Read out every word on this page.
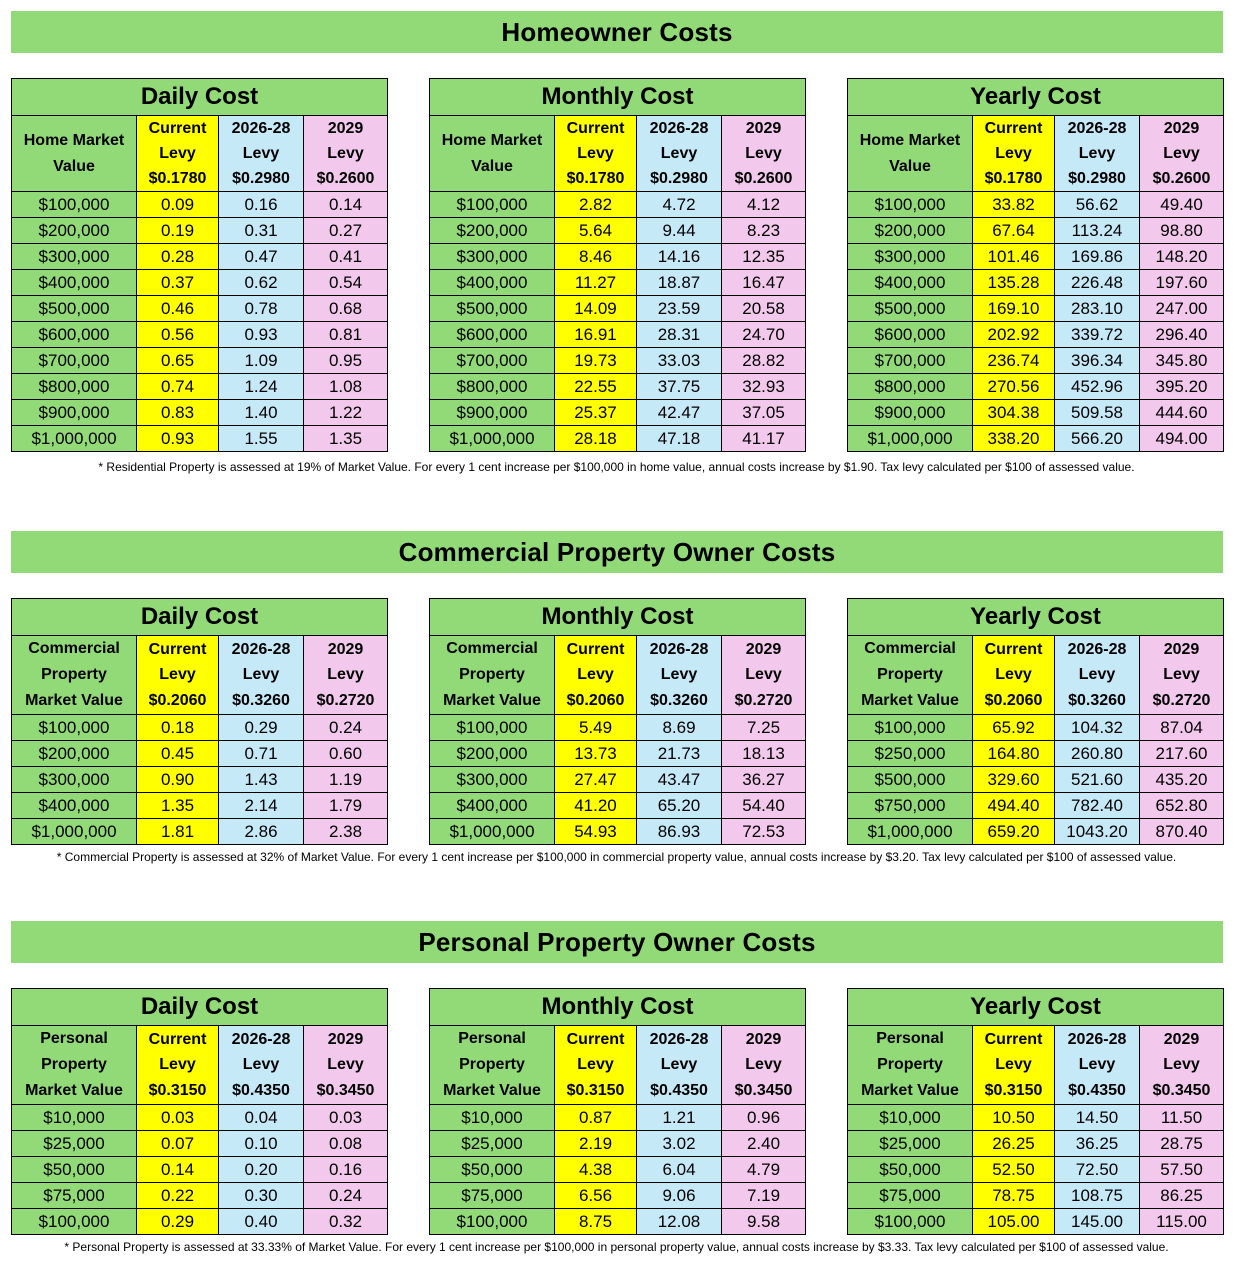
Homeowner Costs
Daily Cost			
Home Market
Value	Current	2026-28	2029
	Levy	Levy	Levy
	$0.1780	$0.2980	$0.2600
$100,000	0.09	0.16	0.14
$200,000	0.19	0.31	0.27
$300,000	0.28	0.47	0.41
$400,000	0.37	0.62	0.54
$500,000	0.46	0.78	0.68
$600,000	0.56	0.93	0.81
$700,000	0.65	1.09	0.95
$800,000	0.74	1.24	1.08
$900,000	0.83	1.40	1.22
$1,000,000	0.93	1.55	1.35
Monthly Cost			
Home Market
Value	Current	2026-28	2029
	Levy	Levy	Levy
	$0.1780	$0.2980	$0.2600
$100,000	2.82	4.72	4.12
$200,000	5.64	9.44	8.23
$300,000	8.46	14.16	12.35
$400,000	11.27	18.87	16.47
$500,000	14.09	23.59	20.58
$600,000	16.91	28.31	24.70
$700,000	19.73	33.03	28.82
$800,000	22.55	37.75	32.93
$900,000	25.37	42.47	37.05
$1,000,000	28.18	47.18	41.17
Yearly Cost			
Home Market
Value	Current	2026-28	2029
	Levy	Levy	Levy
	$0.1780	$0.2980	$0.2600
$100,000	33.82	56.62	49.40
$200,000	67.64	113.24	98.80
$300,000	101.46	169.86	148.20
$400,000	135.28	226.48	197.60
$500,000	169.10	283.10	247.00
$600,000	202.92	339.72	296.40
$700,000	236.74	396.34	345.80
$800,000	270.56	452.96	395.20
$900,000	304.38	509.58	444.60
$1,000,000	338.20	566.20	494.00
* Residential Property is assessed at 19% of Market Value. For every 1 cent increase per $100,000 in home value, annual costs increase by $1.90. Tax levy calculated per $100 of assessed value.
Commercial Property Owner Costs
Daily Cost			
Commercial
Property
Market Value	Current	2026-28	2029
	Levy	Levy	Levy
	$0.2060	$0.3260	$0.2720
$100,000	0.18	0.29	0.24
$200,000	0.45	0.71	0.60
$300,000	0.90	1.43	1.19
$400,000	1.35	2.14	1.79
$1,000,000	1.81	2.86	2.38
Monthly Cost			
Commercial
Property
Market Value	Current	2026-28	2029
	Levy	Levy	Levy
	$0.2060	$0.3260	$0.2720
$100,000	5.49	8.69	7.25
$200,000	13.73	21.73	18.13
$300,000	27.47	43.47	36.27
$400,000	41.20	65.20	54.40
$1,000,000	54.93	86.93	72.53
Yearly Cost			
Commercial
Property
Market Value	Current	2026-28	2029
	Levy	Levy	Levy
	$0.2060	$0.3260	$0.2720
$100,000	65.92	104.32	87.04
$250,000	164.80	260.80	217.60
$500,000	329.60	521.60	435.20
$750,000	494.40	782.40	652.80
$1,000,000	659.20	1043.20	870.40
* Commercial Property is assessed at 32% of Market Value. For every 1 cent increase per $100,000 in commercial property value, annual costs increase by $3.20. Tax levy calculated per $100 of assessed value.
Personal Property Owner Costs
Daily Cost			
Personal
Property
Market Value	Current	2026-28	2029
	Levy	Levy	Levy
	$0.3150	$0.4350	$0.3450
$10,000	0.03	0.04	0.03
$25,000	0.07	0.10	0.08
$50,000	0.14	0.20	0.16
$75,000	0.22	0.30	0.24
$100,000	0.29	0.40	0.32
Monthly Cost			
Personal
Property
Market Value	Current	2026-28	2029
	Levy	Levy	Levy
	$0.3150	$0.4350	$0.3450
$10,000	0.87	1.21	0.96
$25,000	2.19	3.02	2.40
$50,000	4.38	6.04	4.79
$75,000	6.56	9.06	7.19
$100,000	8.75	12.08	9.58
Yearly Cost			
Personal
Property
Market Value	Current	2026-28	2029
	Levy	Levy	Levy
	$0.3150	$0.4350	$0.3450
$10,000	10.50	14.50	11.50
$25,000	26.25	36.25	28.75
$50,000	52.50	72.50	57.50
$75,000	78.75	108.75	86.25
$100,000	105.00	145.00	115.00
* Personal Property is assessed at 33.33% of Market Value. For every 1 cent increase per $100,000 in personal property value, annual costs increase by $3.33. Tax levy calculated per $100 of assessed value.
